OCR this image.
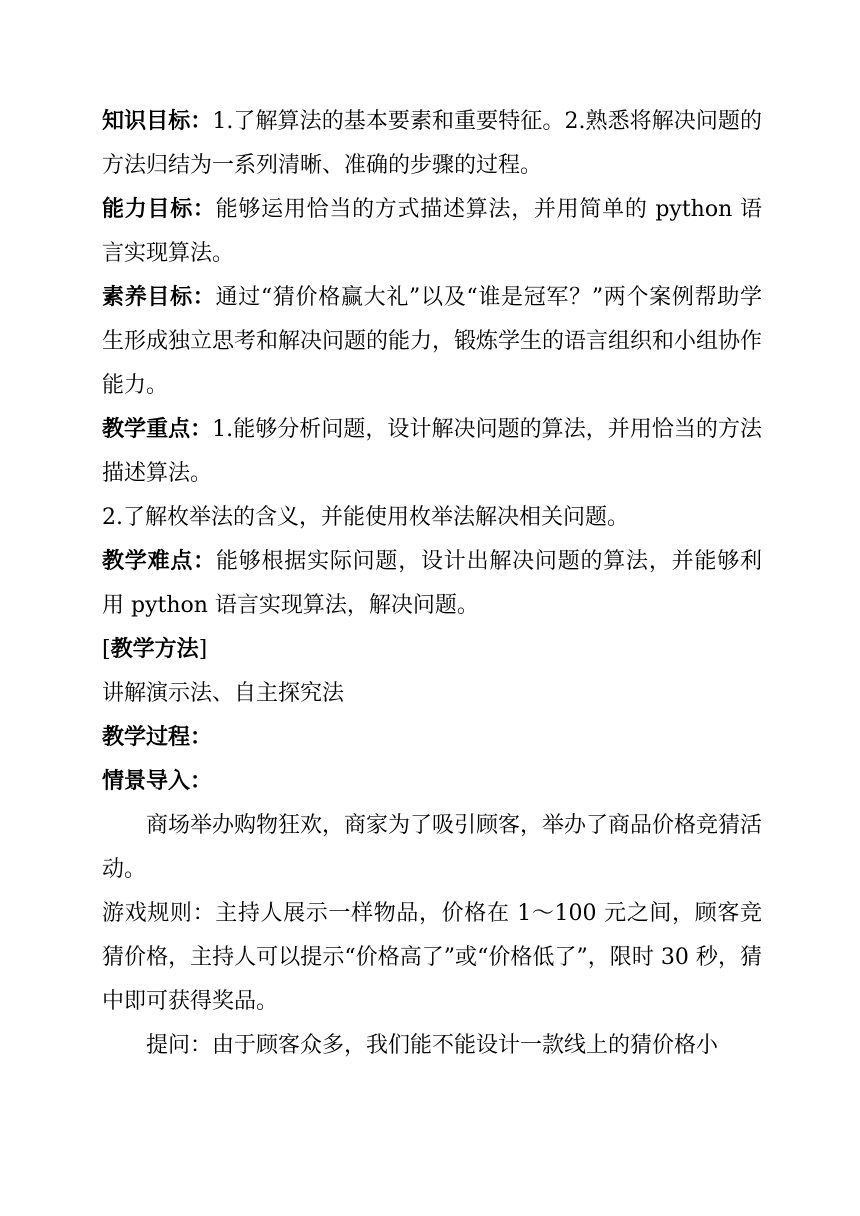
知识目标：1.了解算法的基本要素和重要特征。2.熟悉将解决问题的方法归结为一系列清晰、准确的步骤的过程。

能力目标：能够运用恰当的方式描述算法，并用简单的 python 语言实现算法。

素养目标：通过“猜价格赢大礼”以及“谁是冠军？”两个案例帮助学生形成独立思考和解决问题的能力，锻炼学生的语言组织和小组协作能力。

教学重点：1.能够分析问题，设计解决问题的算法，并用恰当的方法描述算法。

2.了解枚举法的含义，并能使用枚举法解决相关问题。

教学难点：能够根据实际问题，设计出解决问题的算法，并能够利用 python 语言实现算法，解决问题。

[教学方法]

讲解演示法、自主探究法

教学过程：

情景导入：

商场举办购物狂欢，商家为了吸引顾客，举办了商品价格竞猜活动。

游戏规则：主持人展示一样物品，价格在 1～100 元之间，顾客竞猜价格，主持人可以提示“价格高了”或“价格低了”，限时 30 秒，猜中即可获得奖品。

提问：由于顾客众多，我们能不能设计一款线上的猜价格小
